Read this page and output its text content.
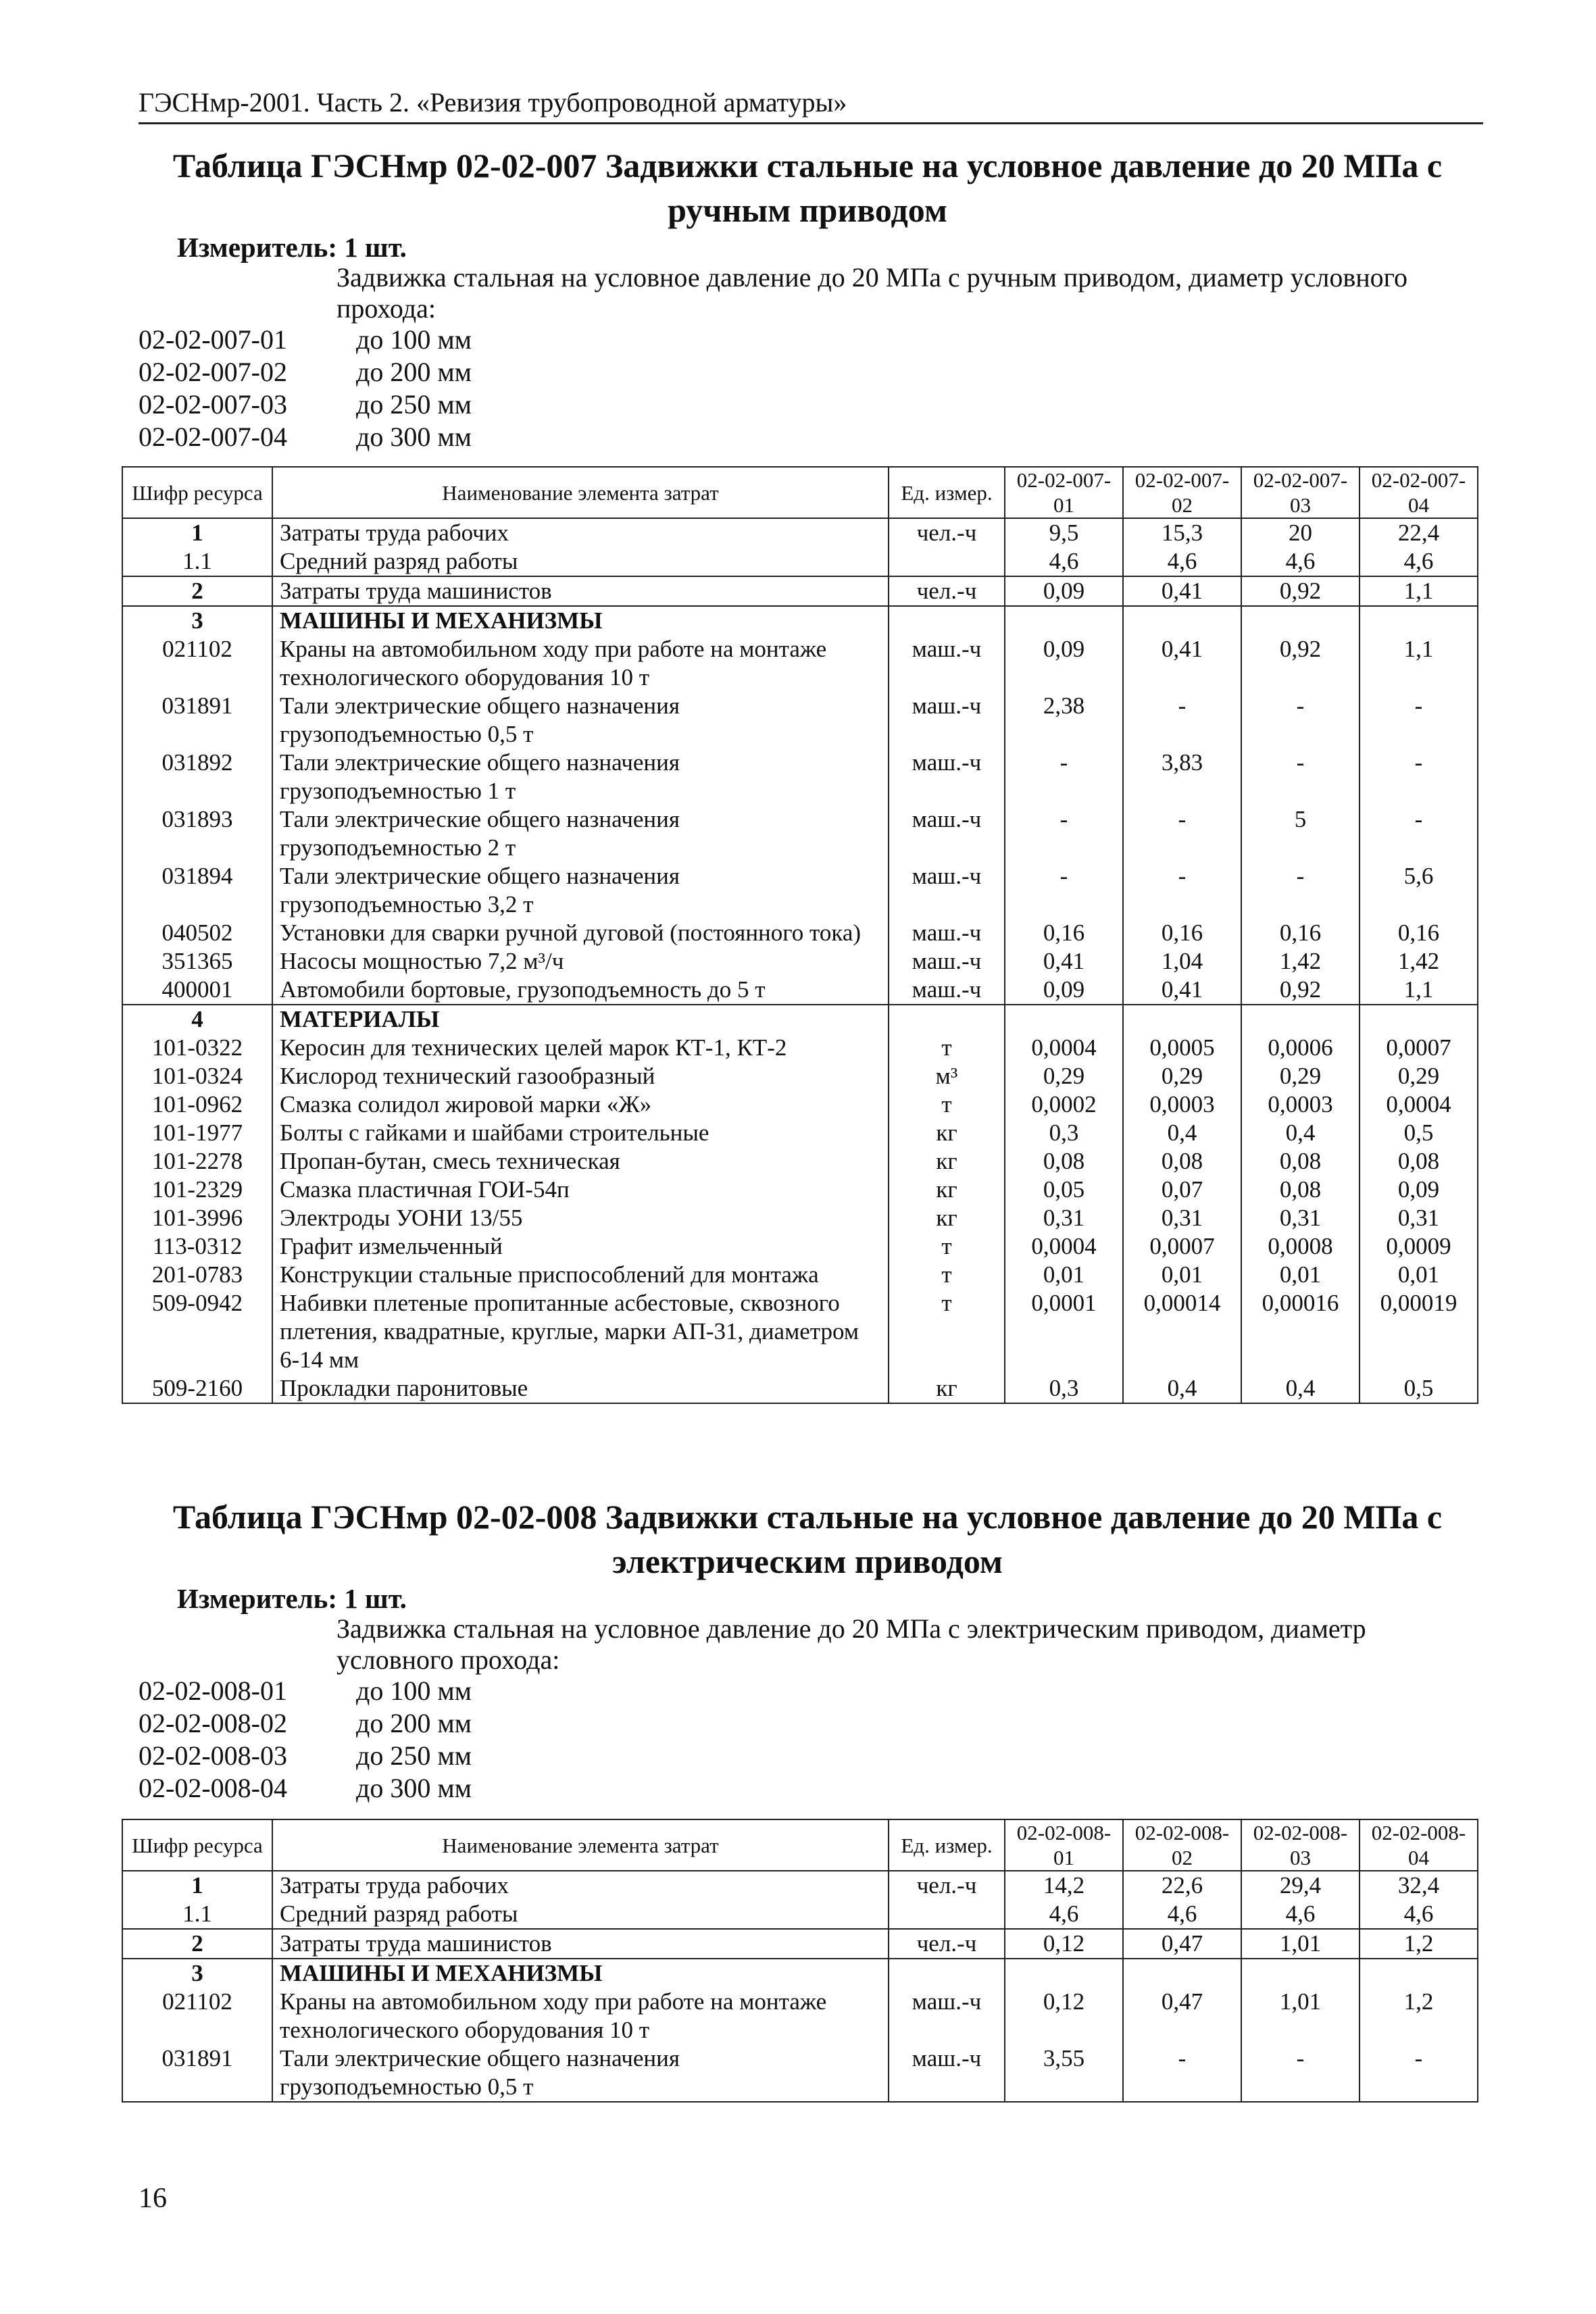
ГЭСНмр-2001. Часть 2. «Ревизия трубопроводной арматуры»
Таблица ГЭСНмр 02-02-007 Задвижки стальные на условное давление до 20 МПа с
ручным приводом
Измеритель: 1 шт.
Задвижка стальная на условное давление до 20 МПа с ручным приводом, диаметр условного прохода:
02-02-007-01	до 100 мм
02-02-007-02	до 200 мм
02-02-007-03	до 250 мм
02-02-007-04	до 300 мм
Шифр ресурса	Наименование элемента затрат	Ед. измер.	02-02-007-01	02-02-007-02	02-02-007-03	02-02-007-04
1	Затраты труда рабочих	чел.-ч	9,5	15,3	20	22,4
1.1	Средний разряд работы		4,6	4,6	4,6	4,6
2	Затраты труда машинистов	чел.-ч	0,09	0,41	0,92	1,1
3	МАШИНЫ И МЕХАНИЗМЫ					
021102	Краны на автомобильном ходу при работе на монтаже технологического оборудования 10 т	маш.-ч	0,09	0,41	0,92	1,1
031891	Тали электрические общего назначения грузоподъемностью 0,5 т	маш.-ч	2,38	-	-	-
031892	Тали электрические общего назначения грузоподъемностью 1 т	маш.-ч	-	3,83	-	-
031893	Тали электрические общего назначения грузоподъемностью 2 т	маш.-ч	-	-	5	-
031894	Тали электрические общего назначения грузоподъемностью 3,2 т	маш.-ч	-	-	-	5,6
040502	Установки для сварки ручной дуговой (постоянного тока)	маш.-ч	0,16	0,16	0,16	0,16
351365	Насосы мощностью 7,2 м³/ч	маш.-ч	0,41	1,04	1,42	1,42
400001	Автомобили бортовые, грузоподъемность до 5 т	маш.-ч	0,09	0,41	0,92	1,1
4	МАТЕРИАЛЫ					
101-0322	Керосин для технических целей марок КТ-1, КТ-2	т	0,0004	0,0005	0,0006	0,0007
101-0324	Кислород технический газообразный	м³	0,29	0,29	0,29	0,29
101-0962	Смазка солидол жировой марки «Ж»	т	0,0002	0,0003	0,0003	0,0004
101-1977	Болты с гайками и шайбами строительные	кг	0,3	0,4	0,4	0,5
101-2278	Пропан-бутан, смесь техническая	кг	0,08	0,08	0,08	0,08
101-2329	Смазка пластичная ГОИ-54п	кг	0,05	0,07	0,08	0,09
101-3996	Электроды УОНИ 13/55	кг	0,31	0,31	0,31	0,31
113-0312	Графит измельченный	т	0,0004	0,0007	0,0008	0,0009
201-0783	Конструкции стальные приспособлений для монтажа	т	0,01	0,01	0,01	0,01
509-0942	Набивки плетеные пропитанные асбестовые, сквозного плетения, квадратные, круглые, марки АП-31, диаметром 6-14 мм	т	0,0001	0,00014	0,00016	0,00019
509-2160	Прокладки паронитовые	кг	0,3	0,4	0,4	0,5
Таблица ГЭСНмр 02-02-008 Задвижки стальные на условное давление до 20 МПа с
электрическим приводом
Измеритель: 1 шт.
Задвижка стальная на условное давление до 20 МПа с электрическим приводом, диаметр условного прохода:
02-02-008-01	до 100 мм
02-02-008-02	до 200 мм
02-02-008-03	до 250 мм
02-02-008-04	до 300 мм
Шифр ресурса	Наименование элемента затрат	Ед. измер.	02-02-008-01	02-02-008-02	02-02-008-03	02-02-008-04
1	Затраты труда рабочих	чел.-ч	14,2	22,6	29,4	32,4
1.1	Средний разряд работы		4,6	4,6	4,6	4,6
2	Затраты труда машинистов	чел.-ч	0,12	0,47	1,01	1,2
3	МАШИНЫ И МЕХАНИЗМЫ					
021102	Краны на автомобильном ходу при работе на монтаже технологического оборудования 10 т	маш.-ч	0,12	0,47	1,01	1,2
031891	Тали электрические общего назначения грузоподъемностью 0,5 т	маш.-ч	3,55	-	-	-
16
